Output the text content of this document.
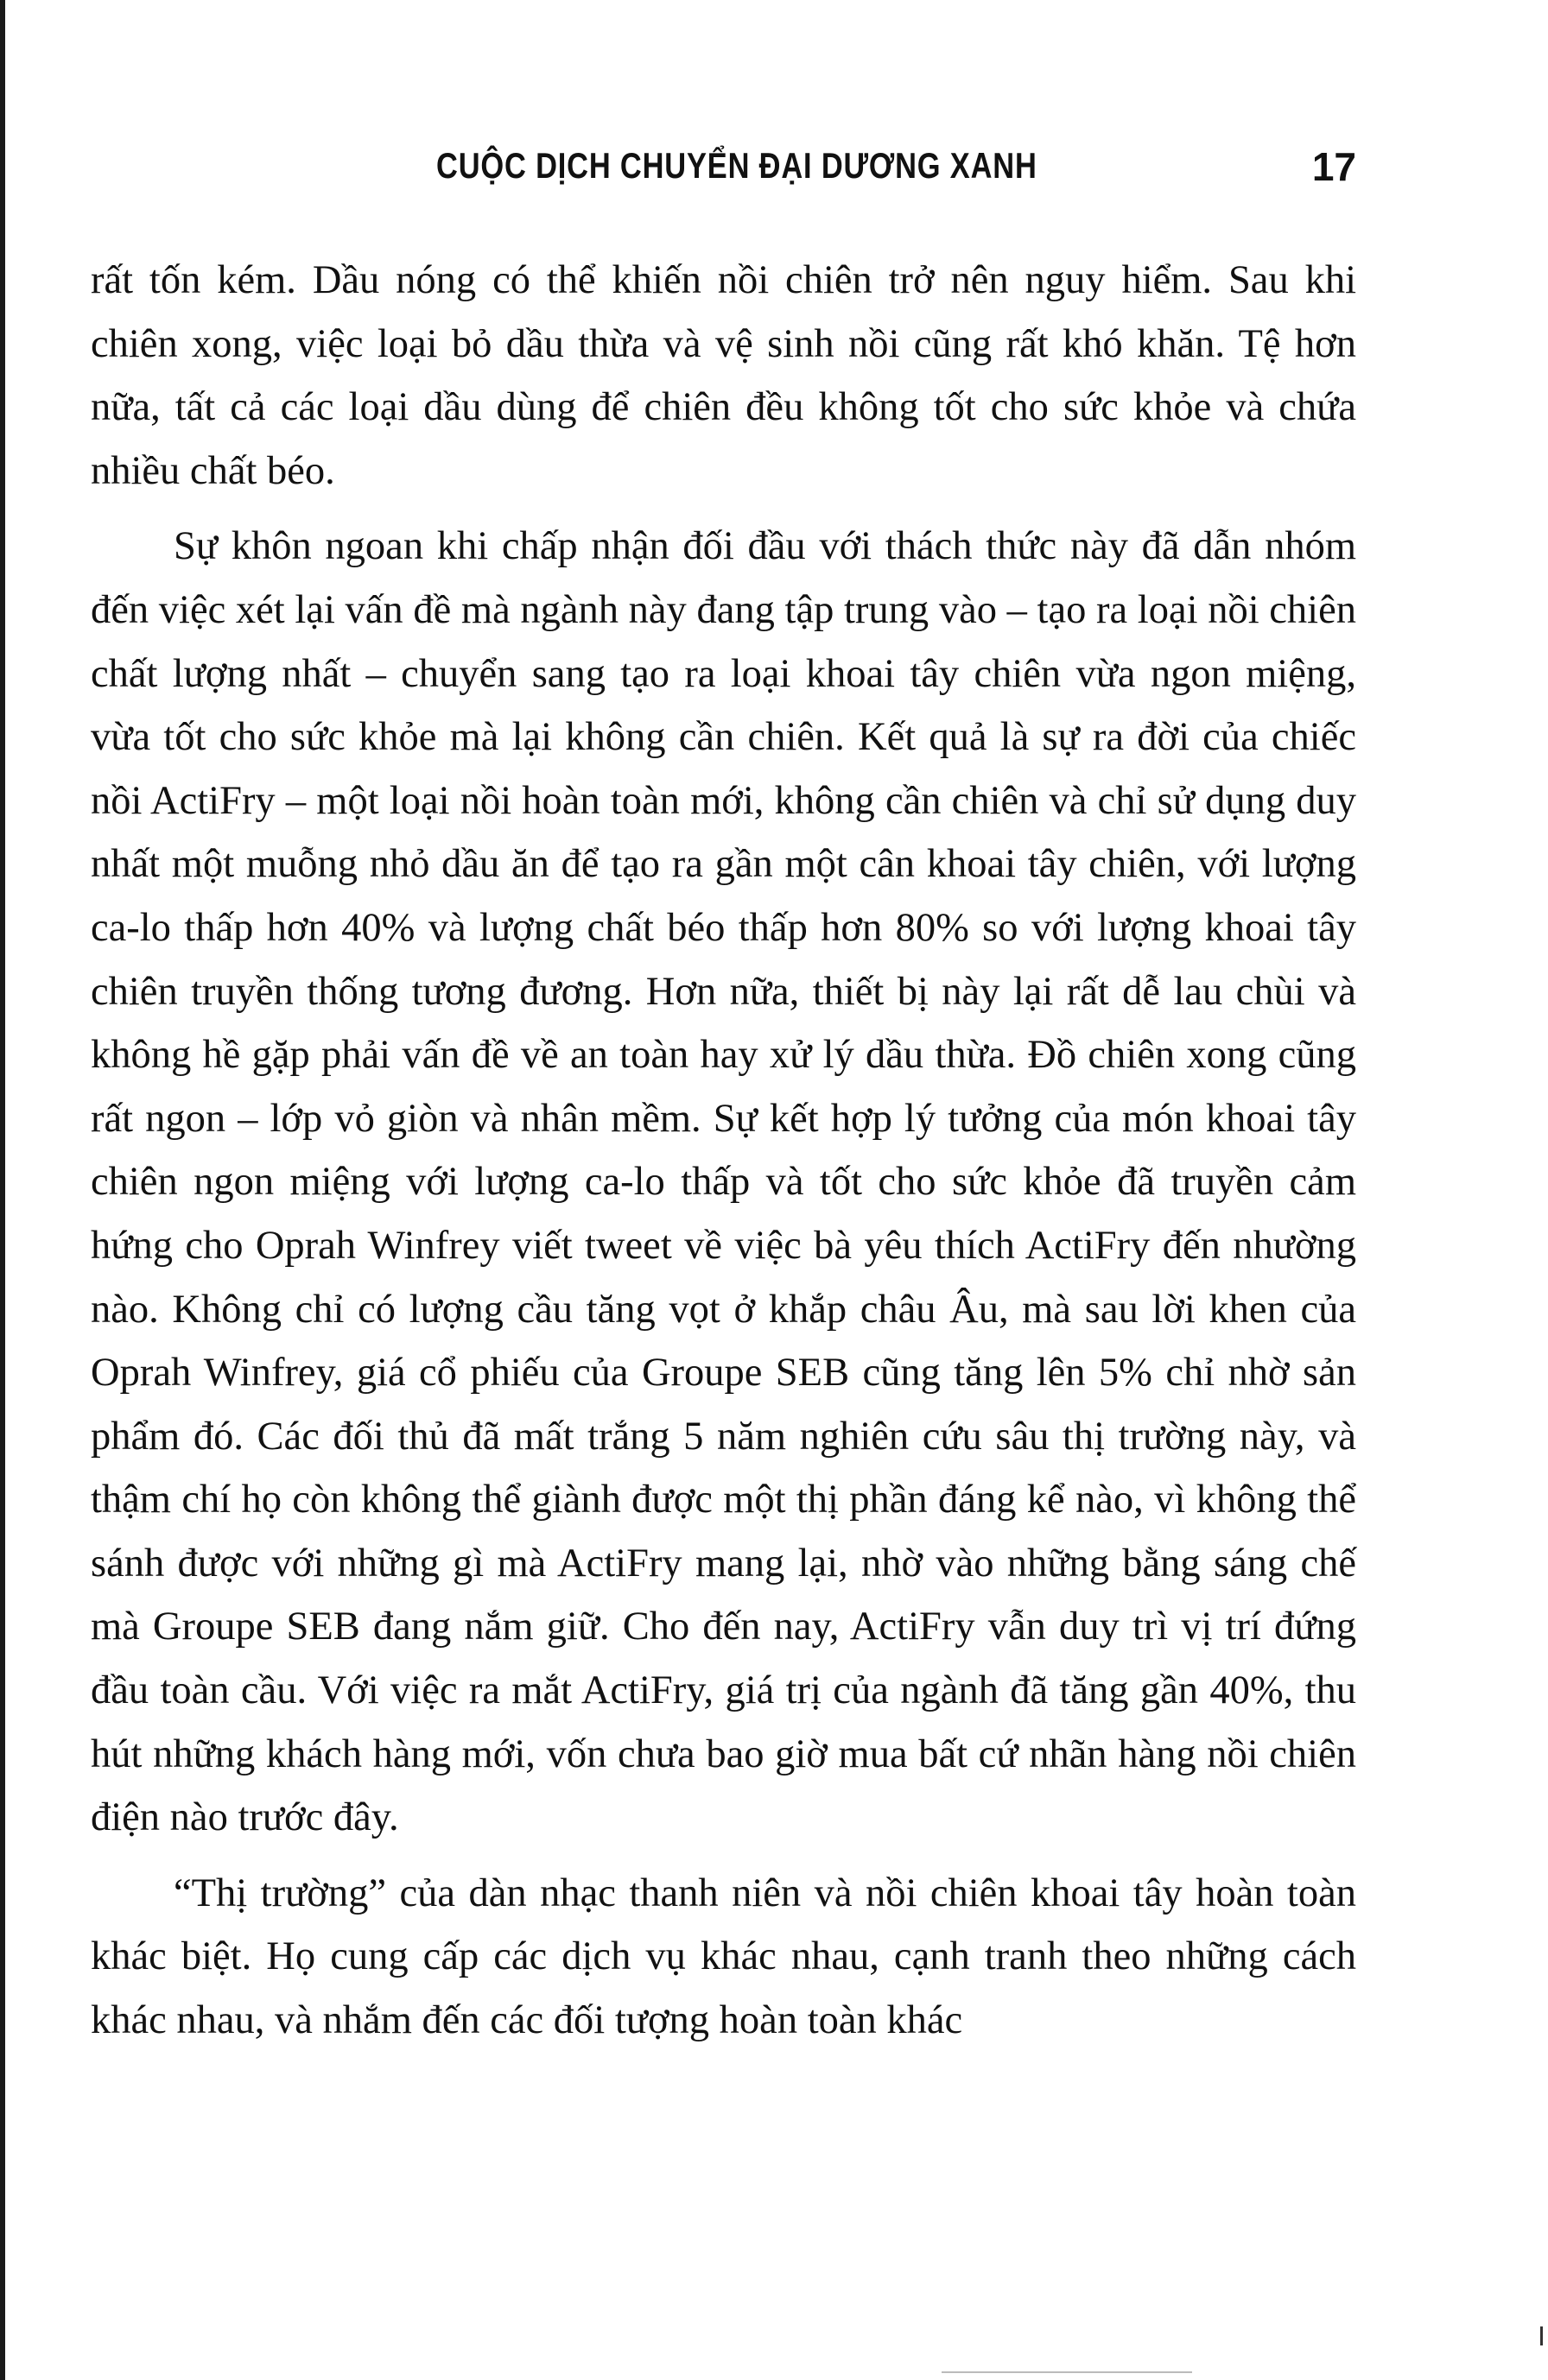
CUỘC DỊCH CHUYỂN ĐẠI DƯƠNG XANH	17

rất tốn kém. Dầu nóng có thể khiến nồi chiên trở nên nguy hiểm. Sau khi chiên xong, việc loại bỏ dầu thừa và vệ sinh nồi cũng rất khó khăn. Tệ hơn nữa, tất cả các loại dầu dùng để chiên đều không tốt cho sức khỏe và chứa nhiều chất béo.

Sự khôn ngoan khi chấp nhận đối đầu với thách thức này đã dẫn nhóm đến việc xét lại vấn đề mà ngành này đang tập trung vào – tạo ra loại nồi chiên chất lượng nhất – chuyển sang tạo ra loại khoai tây chiên vừa ngon miệng, vừa tốt cho sức khỏe mà lại không cần chiên. Kết quả là sự ra đời của chiếc nồi ActiFry – một loại nồi hoàn toàn mới, không cần chiên và chỉ sử dụng duy nhất một muỗng nhỏ dầu ăn để tạo ra gần một cân khoai tây chiên, với lượng ca-lo thấp hơn 40% và lượng chất béo thấp hơn 80% so với lượng khoai tây chiên truyền thống tương đương. Hơn nữa, thiết bị này lại rất dễ lau chùi và không hề gặp phải vấn đề về an toàn hay xử lý dầu thừa. Đồ chiên xong cũng rất ngon – lớp vỏ giòn và nhân mềm. Sự kết hợp lý tưởng của món khoai tây chiên ngon miệng với lượng ca-lo thấp và tốt cho sức khỏe đã truyền cảm hứng cho Oprah Winfrey viết tweet về việc bà yêu thích ActiFry đến nhường nào. Không chỉ có lượng cầu tăng vọt ở khắp châu Âu, mà sau lời khen của Oprah Winfrey, giá cổ phiếu của Groupe SEB cũng tăng lên 5% chỉ nhờ sản phẩm đó. Các đối thủ đã mất trắng 5 năm nghiên cứu sâu thị trường này, và thậm chí họ còn không thể giành được một thị phần đáng kể nào, vì không thể sánh được với những gì mà ActiFry mang lại, nhờ vào những bằng sáng chế mà Groupe SEB đang nắm giữ. Cho đến nay, ActiFry vẫn duy trì vị trí đứng đầu toàn cầu. Với việc ra mắt ActiFry, giá trị của ngành đã tăng gần 40%, thu hút những khách hàng mới, vốn chưa bao giờ mua bất cứ nhãn hàng nồi chiên điện nào trước đây.

“Thị trường” của dàn nhạc thanh niên và nồi chiên khoai tây hoàn toàn khác biệt. Họ cung cấp các dịch vụ khác nhau, cạnh tranh theo những cách khác nhau, và nhắm đến các đối tượng hoàn toàn khác
